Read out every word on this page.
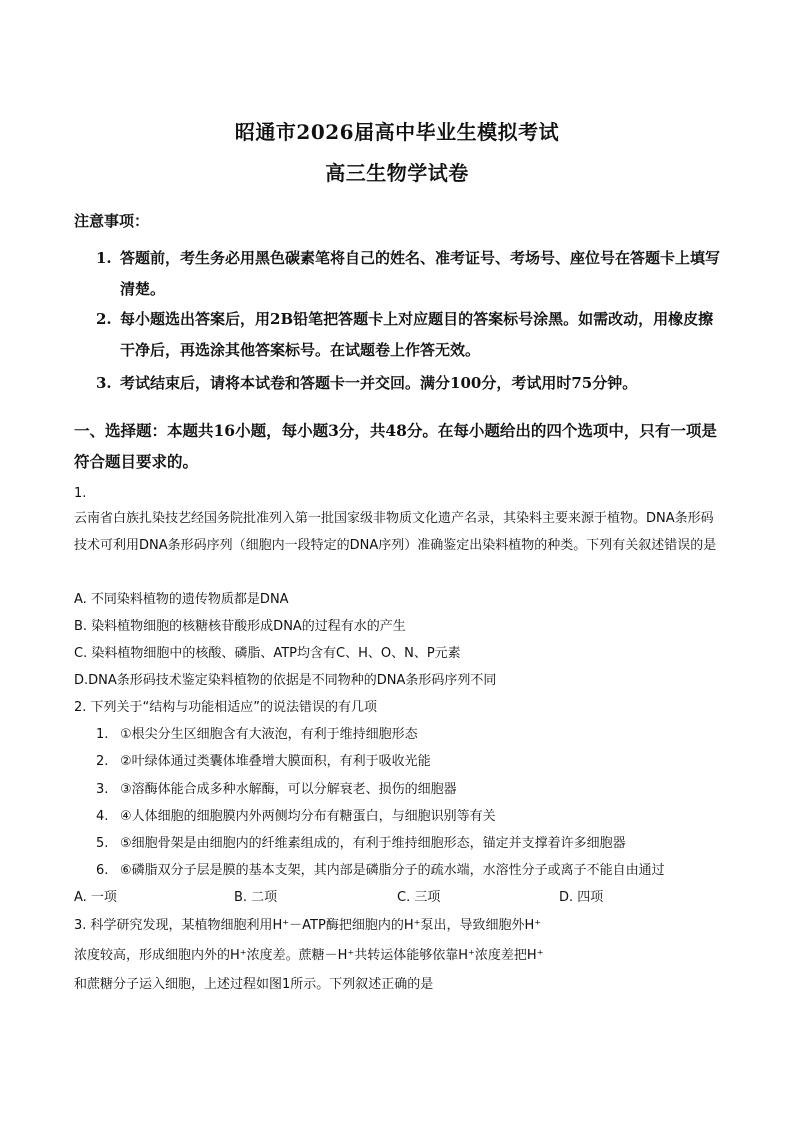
昭通市2026届高中毕业生模拟考试
高三生物学试卷
注意事项：
1. 答题前，考生务必用黑色碳素笔将自己的姓名、准考证号、考场号、座位号在答题卡上填写清楚。
2. 每小题选出答案后，用2B铅笔把答题卡上对应题目的答案标号涂黑。如需改动，用橡皮擦干净后，再选涂其他答案标号。在试题卷上作答无效。
3. 考试结束后，请将本试卷和答题卡一并交回。满分100分，考试用时75分钟。
一、选择题：本题共16小题，每小题3分，共48分。在每小题给出的四个选项中，只有一项是符合题目要求的。
1.
云南省白族扎染技艺经国务院批准列入第一批国家级非物质文化遗产名录，其染料主要来源于植物。DNA条形码技术可利用DNA条形码序列（细胞内一段特定的DNA序列）准确鉴定出染料植物的种类。下列有关叙述错误的是
A. 不同染料植物的遗传物质都是DNA
B. 染料植物细胞的核糖核苷酸形成DNA的过程有水的产生
C. 染料植物细胞中的核酸、磷脂、ATP均含有C、H、O、N、P元素
D.DNA条形码技术鉴定染料植物的依据是不同物种的DNA条形码序列不同
2. 下列关于“结构与功能相适应”的说法错误的有几项
1. ①根尖分生区细胞含有大液泡，有利于维持细胞形态
2. ②叶绿体通过类囊体堆叠增大膜面积，有利于吸收光能
3. ③溶酶体能合成多种水解酶，可以分解衰老、损伤的细胞器
4. ④人体细胞的细胞膜内外两侧均分布有糖蛋白，与细胞识别等有关
5. ⑤细胞骨架是由细胞内的纤维素组成的，有利于维持细胞形态，锚定并支撑着许多细胞器
6. ⑥磷脂双分子层是膜的基本支架，其内部是磷脂分子的疏水端，水溶性分子或离子不能自由通过
A. 一项	B. 二项	C. 三项	D. 四项
3. 科学研究发现，某植物细胞利用H⁺－ATP酶把细胞内的H⁺泵出，导致细胞外H⁺
浓度较高，形成细胞内外的H⁺浓度差。蔗糖－H⁺共转运体能够依靠H⁺浓度差把H⁺
和蔗糖分子运入细胞，上述过程如图1所示。下列叙述正确的是
